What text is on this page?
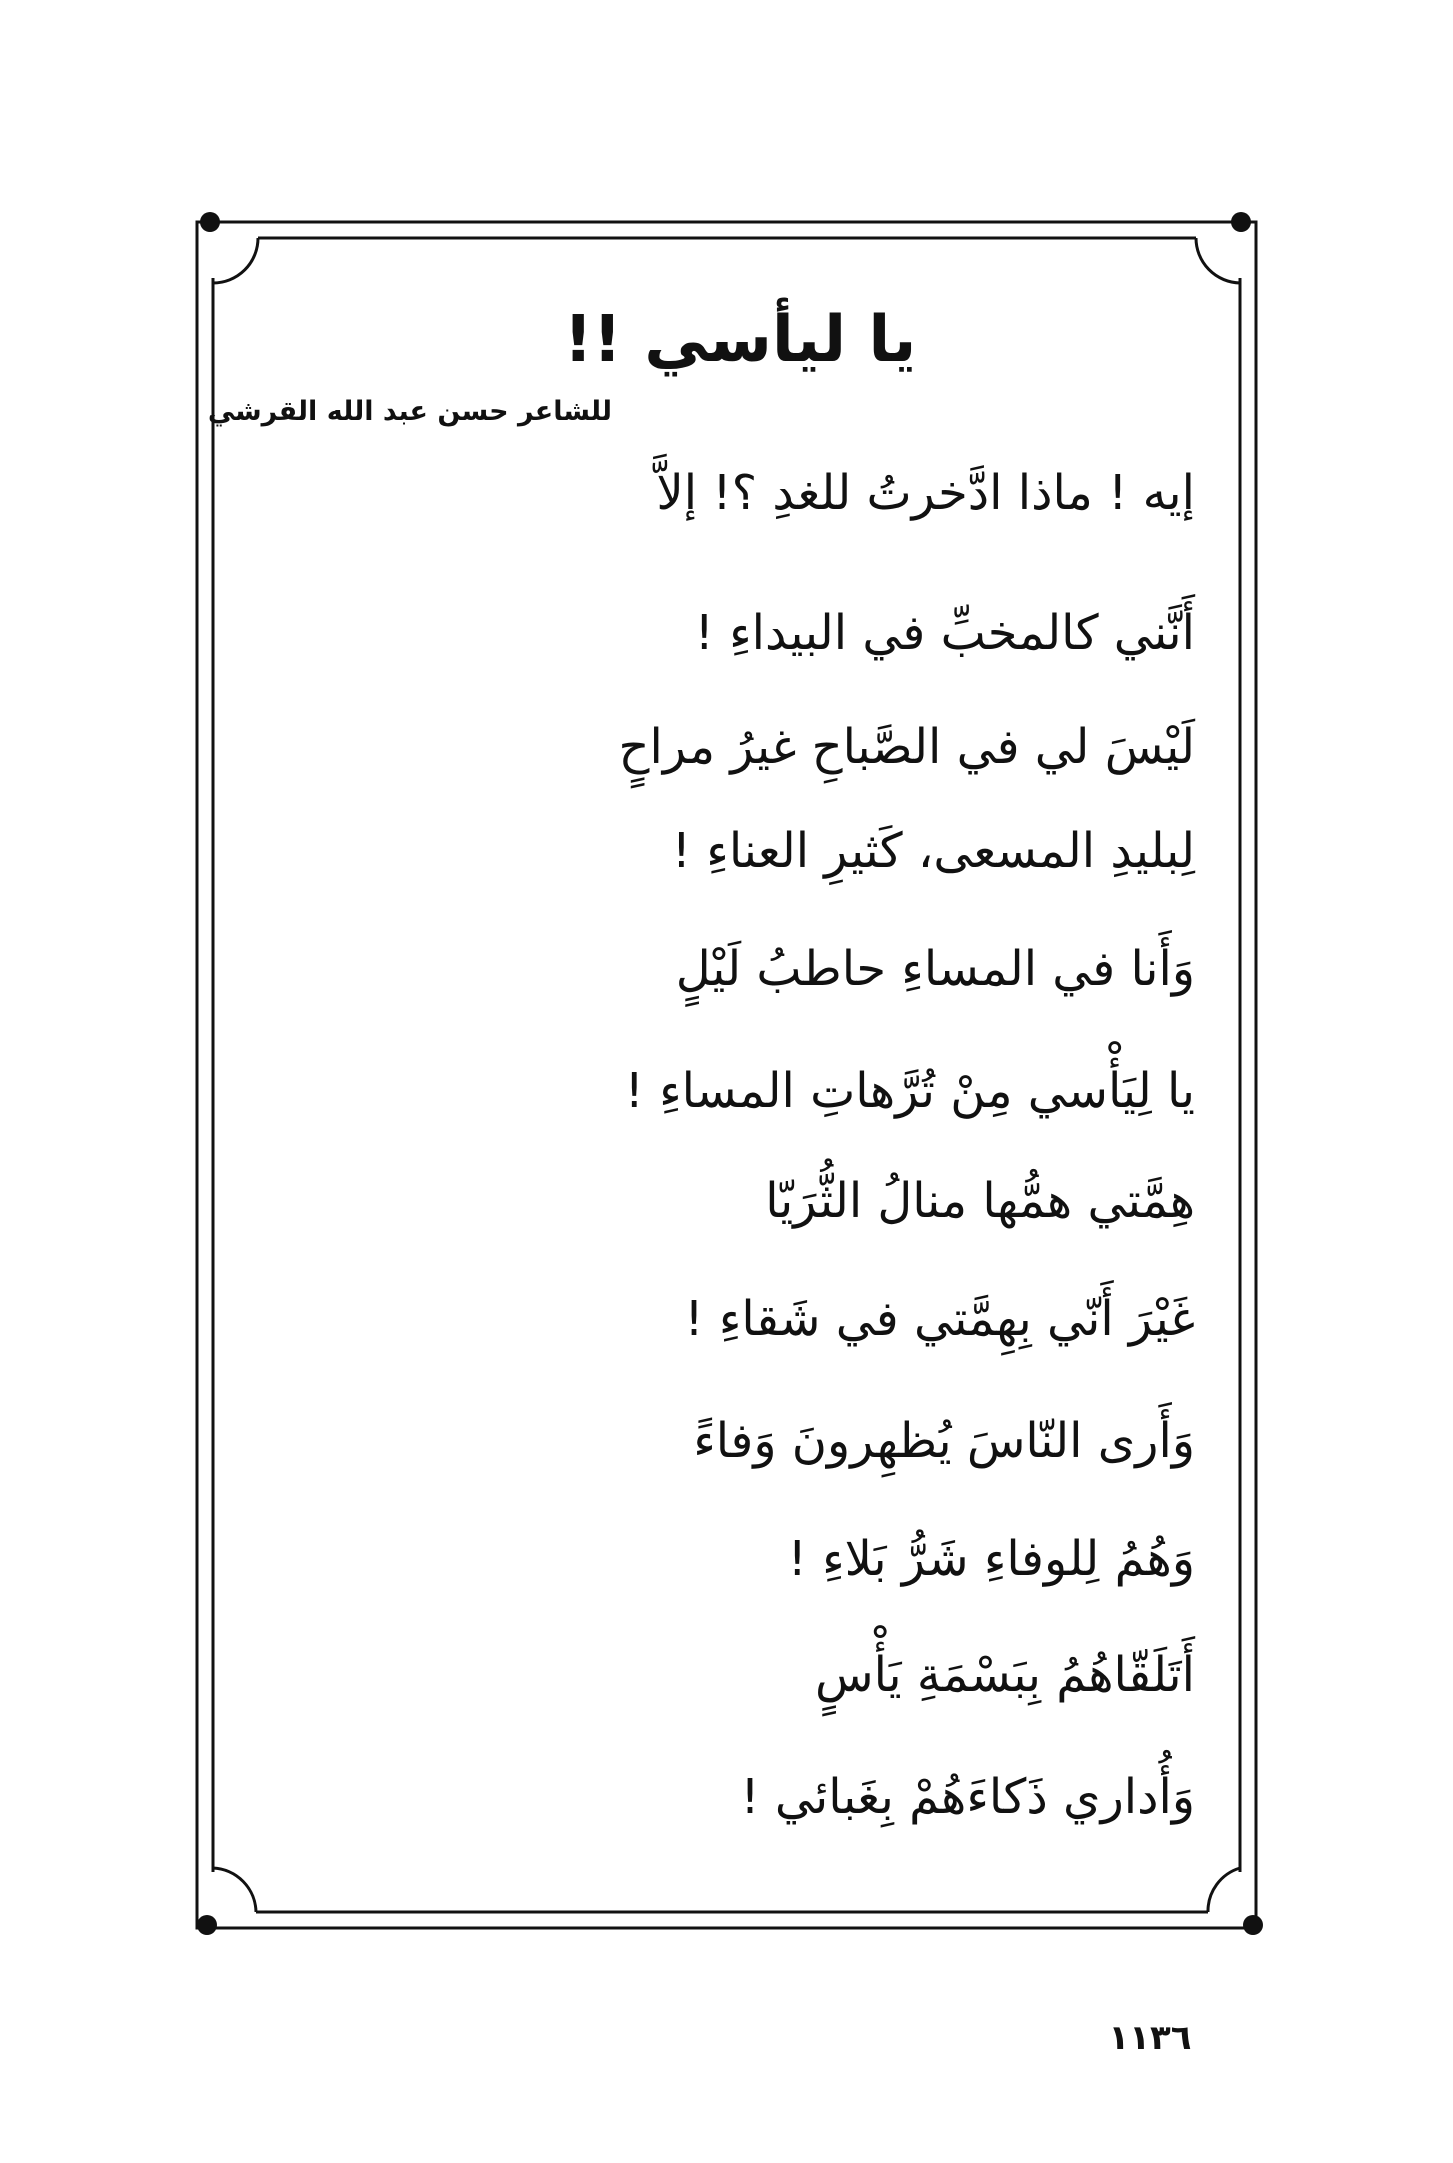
يا ليأسي !!
للشاعر حسن عبد الله القرشي
إيه ! ماذا ادَّخرتُ للغدِ ؟! إلاَّ
أَنَّني كالمخبِّ في البيداءِ !
لَيْسَ لي في الصَّباحِ غيرُ مراحٍ
لِبليدِ المسعى، كَثيرِ العناءِ !
وَأَنا في المساءِ حاطبُ لَيْلٍ
يا لِيَأْسي مِنْ تُرَّهاتِ المساءِ !
هِمَّتي همُّها منالُ الثُّرَيّا
غَيْرَ أَنّي بِهِمَّتي في شَقاءِ !
وَأَرى النّاسَ يُظهِرونَ وَفاءً
وَهُمُ لِلوفاءِ شَرُّ بَلاءِ !
أَتَلَقّاهُمُ بِبَسْمَةِ يَأْسٍ
وَأُداري ذَكاءَهُمْ بِغَبائي !
١١٣٦
